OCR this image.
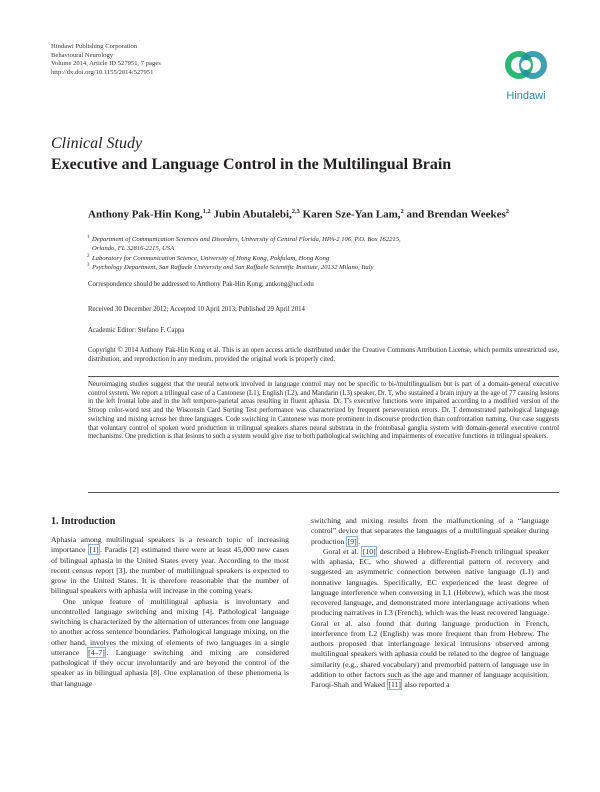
Hindawi Publishing Corporation
Behavioural Neurology
Volume 2014, Article ID 527951, 7 pages
http://dx.doi.org/10.1155/2014/527951
Hindawi
Clinical Study
Executive and Language Control in the Multilingual Brain
Anthony Pak-Hin Kong,$^{1,2}$ Jubin Abutalebi,$^{2,3}$ Karen Sze-Yan Lam,$^2$ and Brendan Weekes$^2$
1 Department of Communication Sciences and Disorders, University of Central Florida, HPA-2 106, P.O. Box 162215,
Orlando, FL 32816-2215, USA
2 Laboratory for Communication Science, University of Hong Kong, Pokfulam, Hong Kong
3 Psychology Department, San Raffaele University and San Raffaele Scientific Institute, 20132 Milano, Italy
Correspondence should be addressed to Anthony Pak-Hin Kong; antkong@ucf.edu
Received 30 December 2012; Accepted 10 April 2013; Published 29 April 2014
Academic Editor: Stefano F. Cappa
Copyright © 2014 Anthony Pak-Hin Kong et al. This is an open access article distributed under the Creative Commons Attribution License, which permits unrestricted use, distribution, and reproduction in any medium, provided the original work is properly cited.
Neuroimaging studies suggest that the neural network involved in language control may not be specific to bi-/multilingualism but is part of a domain-general executive control system. We report a trilingual case of a Cantonese (L1), English (L2), and Mandarin (L3) speaker, Dr. T, who sustained a brain injury at the age of 77 causing lesions in the left frontal lobe and in the left temporo-parietal areas resulting in fluent aphasia. Dr. T's executive functions were impaired according to a modified version of the Stroop color-word test and the Wisconsin Card Sorting Test performance was characterized by frequent perseveration errors. Dr. T demonstrated pathological language switching and mixing across her three languages. Code switching in Cantonese was more prominent in discourse production than confrontation naming. Our case suggests that voluntary control of spoken word production in trilingual speakers shares neural substrata in the frontobasal ganglia system with domain-general executive control mechanisms. One prediction is that lesions to such a system would give rise to both pathological switching and impairments of executive functions in trilingual speakers.
1. Introduction

Aphasia among multilingual speakers is a research topic of increasing importance [1] . Paradis [2] estimated there were at least 45,000 new cases of bilingual aphasia in the United States every year. According to the most recent census report [3], the number of multilingual speakers is expected to grow in the United States. It is therefore reasonable that the number of bilingual speakers with aphasia will increase in the coming years.

One unique feature of multilingual aphasia is involuntary and uncontrolled language switching and mixing [4]. Pathological language switching is characterized by the alternation of utterances from one language to another across sentence boundaries. Pathological language mixing, on the other hand, involves the mixing of elements of two languages in a single utterance [4–7] . Language switching and mixing are considered pathological if they occur involuntarily and are beyond the control of the speaker as in bilingual aphasia [8]. One explanation of these phenomena is that language

switching and mixing results from the malfunctioning of a “language control” device that separates the languages of a multilingual speaker during production [9] .

Goral et al. [10] described a Hebrew-English-French trilingual speaker with aphasia, EC, who showed a differential pattern of recovery and suggested an asymmetric connection between native language (L1) and nonnative languages. Specifically, EC experienced the least degree of language interference when conversing in L1 (Hebrew), which was the most recovered language, and demonstrated more interlanguage activations when producing narratives in L3 (French), which was the least recovered language. Goral et al. also found that during language production in French, interference from L2 (English) was more frequent than from Hebrew. The authors proposed that interlanguage lexical intrusions observed among multilingual speakers with aphasia could be related to the degree of language similarity (e.g., shared vocabulary) and premorbid pattern of language use in addition to other factors such as the age and manner of language acquisition. Faroqi-Shah and Waked [11] also reported a
